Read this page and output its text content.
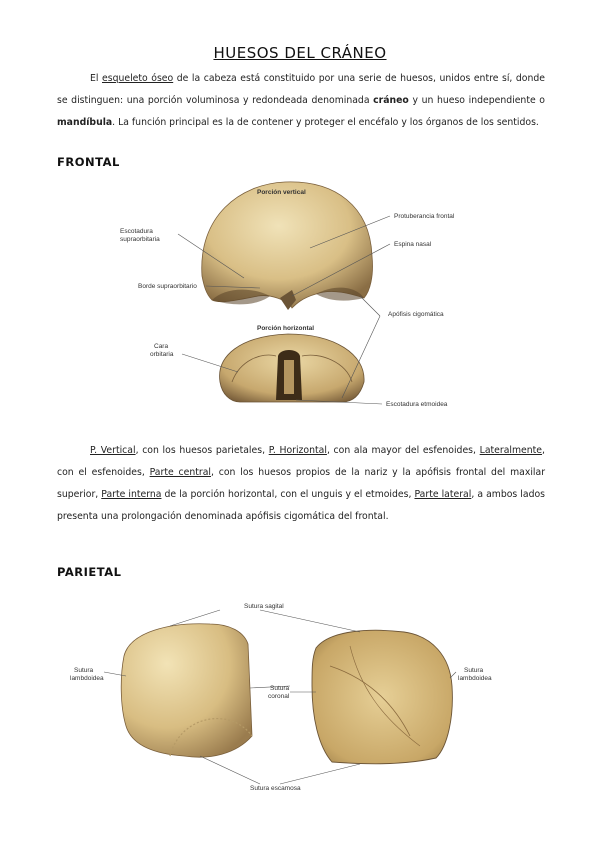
HUESOS DEL CRÁNEO

El esqueleto óseo de la cabeza está constituido por una serie de huesos, unidos entre sí, donde se distinguen: una porción voluminosa y redondeada denominada cráneo y un hueso independiente o mandíbula. La función principal es la de contener y proteger el encéfalo y los órganos de los sentidos.

FRONTAL
Porción vertical
Porción horizontal
Escotadura
supraorbitaria
Borde supraorbitario
Protuberancia frontal
Espina nasal
Apófisis cigomática
Cara
orbitaria
Escotadura etmoidea

P. Vertical, con los huesos parietales, P. Horizontal, con ala mayor del esfenoides, Lateralmente, con el esfenoides, Parte central, con los huesos propios de la nariz y la apófisis frontal del maxilar superior, Parte interna de la porción horizontal, con el unguis y el etmoides, Parte lateral, a ambos lados presenta una prolongación denominada apófisis cigomática del frontal.

PARIETAL
Sutura sagital
Sutura
lambdoidea
Sutura
coronal
Sutura
lambdoidea
Sutura escamosa
